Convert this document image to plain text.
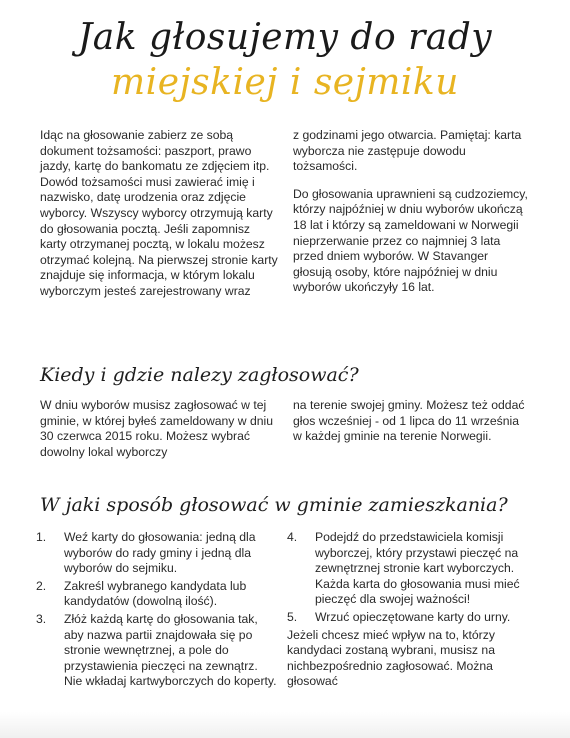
Jak głosujemy do rady
miejskiej i sejmiku

Idąc na głosowanie zabierz ze sobą dokument tożsamości: paszport, prawo jazdy, kartę do bankomatu ze zdjęciem itp. Dowód tożsamości musi zawierać imię i nazwisko, datę urodzenia oraz zdjęcie wyborcy. Wszyscy wyborcy otrzymują karty do głosowania pocztą. Jeśli zapomnisz karty otrzymanej pocztą, w lokalu możesz otrzymać kolejną. Na pierwszej stronie karty znajduje się informacja, w którym lokalu wyborczym jesteś zarejestrowany wraz

z godzinami jego otwarcia. Pamiętaj: karta wyborcza nie zastępuje dowodu tożsamości.

Do głosowania uprawnieni są cudzoziemcy, którzy najpóźniej w dniu wyborów ukończą 18 lat i którzy są zameldowani w Norwegii nieprzerwanie przez co najmniej 3 lata przed dniem wyborów. W Stavanger głosują osoby, które najpóźniej w dniu wyborów ukończyły 16 lat.

Kiedy i gdzie nalezy zagłosować?

W dniu wyborów musisz zagłosować w tej gminie, w której byłeś zameldowany w dniu 30 czerwca 2015 roku. Możesz wybrać dowolny lokal wyborczy

na terenie swojej gminy. Możesz też oddać głos wcześniej - od 1 lipca do 11 września w każdej gminie na terenie Norwegii.

W jaki sposób głosować w gminie zamieszkania?
1. Weź karty do głosowania: jedną dla wyborów do rady gminy i jedną dla wyborów do sejmiku.
2. Zakreśl wybranego kandydata lub kandydatów (dowolną ilość).
3. Złóż każdą kartę do głosowania tak, aby nazwa partii znajdowała się po stronie wewnętrznej, a pole do przystawienia pieczęci na zewnątrz. Nie wkładaj kartwyborczych do koperty.
4. Podejdź do przedstawiciela komisji wyborczej, który przystawi pieczęć na zewnętrznej stronie kart wyborczych. Każda karta do głosowania musi mieć pieczęć dla swojej ważności!
5. Wrzuć opieczętowane karty do urny.

Jeżeli chcesz mieć wpływ na to, którzy kandydaci zostaną wybrani, musisz na nichbezpośrednio zagłosować. Można głosować
